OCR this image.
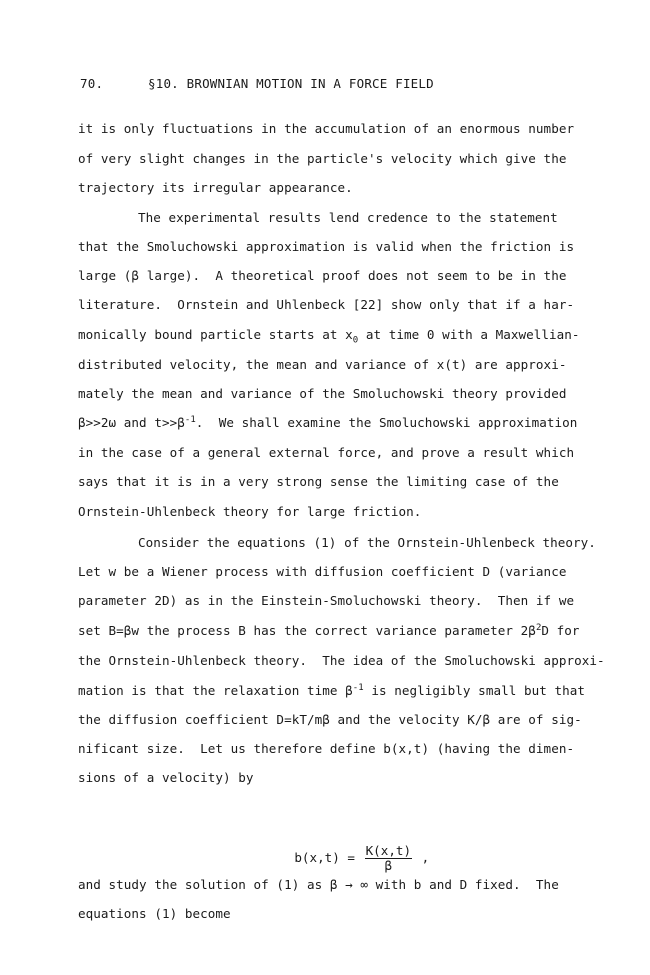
70.	§10. BROWNIAN MOTION IN A FORCE FIELD
it is only fluctuations in the accumulation of an enormous number
of very slight changes in the particle's velocity which give the
trajectory its irregular appearance.
The experimental results lend credence to the statement
that the Smoluchowski approximation is valid when the friction is
large (β large).  A theoretical proof does not seem to be in the
literature.  Ornstein and Uhlenbeck [22] show only that if a har-
monically bound particle starts at $x_0$ at time 0 with a Maxwellian-
distributed velocity, the mean and variance of x(t) are approxi-
mately the mean and variance of the Smoluchowski theory provided
β>>2ω and $t>>\beta^{-1}$.  We shall examine the Smoluchowski approximation
in the case of a general external force, and prove a result which
says that it is in a very strong sense the limiting case of the
Ornstein-Uhlenbeck theory for large friction.
Consider the equations (1) of the Ornstein-Uhlenbeck theory.
Let w be a Wiener process with diffusion coefficient D (variance
parameter 2D) as in the Einstein-Smoluchowski theory.  Then if we
set B=βw the process B has the correct variance parameter $2\beta^2D$ for
the Ornstein-Uhlenbeck theory.  The idea of the Smoluchowski approxi-
mation is that the relaxation time $\beta^{-1}$ is negligibly small but that
the diffusion coefficient D=kT/mβ and the velocity K/β are of sig-
nificant size.  Let us therefore define b(x,t) (having the dimen-
sions of a velocity) by

$b(x,t) = \frac{K(x,t)}{\beta}$ ,

and study the solution of (1) as β → ∞ with b and D fixed.  The
equations (1) become
